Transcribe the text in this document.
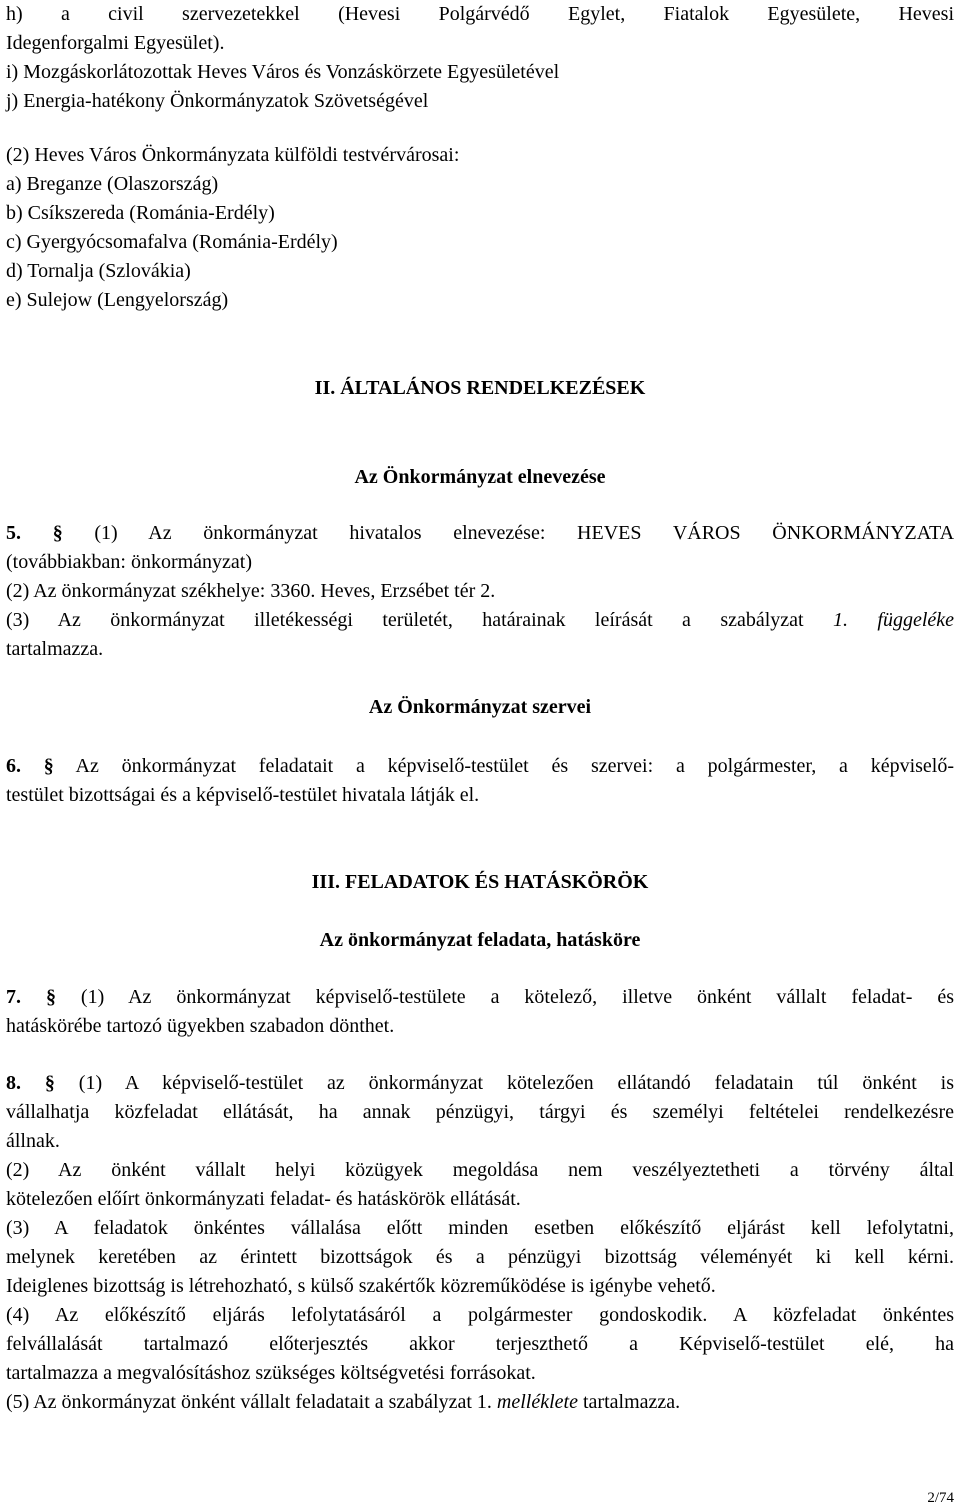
h) a civil szervezetekkel (Hevesi Polgárvédő Egylet, Fiatalok Egyesülete, Hevesi

Idegenforgalmi Egyesület).

i) Mozgáskorlátozottak Heves Város és Vonzáskörzete Egyesületével

j) Energia-hatékony Önkormányzatok Szövetségével

(2) Heves Város Önkormányzata külföldi testvérvárosai:

a) Breganze (Olaszország)

b) Csíkszereda (Románia-Erdély)

c) Gyergyócsomafalva (Románia-Erdély)

d) Tornalja (Szlovákia)

e) Sulejow (Lengyelország)

II. ÁLTALÁNOS RENDELKEZÉSEK
Az Önkormányzat elnevezése

5. § (1) Az önkormányzat hivatalos elnevezése: HEVES VÁROS ÖNKORMÁNYZATA

(továbbiakban: önkormányzat)

(2) Az önkormányzat székhelye: 3360. Heves, Erzsébet tér 2.

(3) Az önkormányzat illetékességi területét, határainak leírását a szabályzat 1. függeléke

tartalmazza.

Az Önkormányzat szervei

6. § Az önkormányzat feladatait a képviselő-testület és szervei: a polgármester, a képviselő-

testület bizottságai és a képviselő-testület hivatala látják el.

III. FELADATOK ÉS HATÁSKÖRÖK
Az önkormányzat feladata, hatásköre

7. § (1) Az önkormányzat képviselő-testülete a kötelező, illetve önként vállalt feladat- és

hatáskörébe tartozó ügyekben szabadon dönthet.

8. § (1) A képviselő-testület az önkormányzat kötelezően ellátandó feladatain túl önként is

vállalhatja közfeladat ellátását, ha annak pénzügyi, tárgyi és személyi feltételei rendelkezésre

állnak.

(2) Az önként vállalt helyi közügyek megoldása nem veszélyeztetheti a törvény által

kötelezően előírt önkormányzati feladat- és hatáskörök ellátását.

(3) A feladatok önkéntes vállalása előtt minden esetben előkészítő eljárást kell lefolytatni,

melynek keretében az érintett bizottságok és a pénzügyi bizottság véleményét ki kell kérni.

Ideiglenes bizottság is létrehozható, s külső szakértők közreműködése is igénybe vehető.

(4) Az előkészítő eljárás lefolytatásáról a polgármester gondoskodik. A közfeladat önkéntes

felvállalását tartalmazó előterjesztés akkor terjeszthető a Képviselő-testület elé, ha

tartalmazza a megvalósításhoz szükséges költségvetési forrásokat.

(5) Az önkormányzat önként vállalt feladatait a szabályzat 1. melléklete tartalmazza.

2/74
